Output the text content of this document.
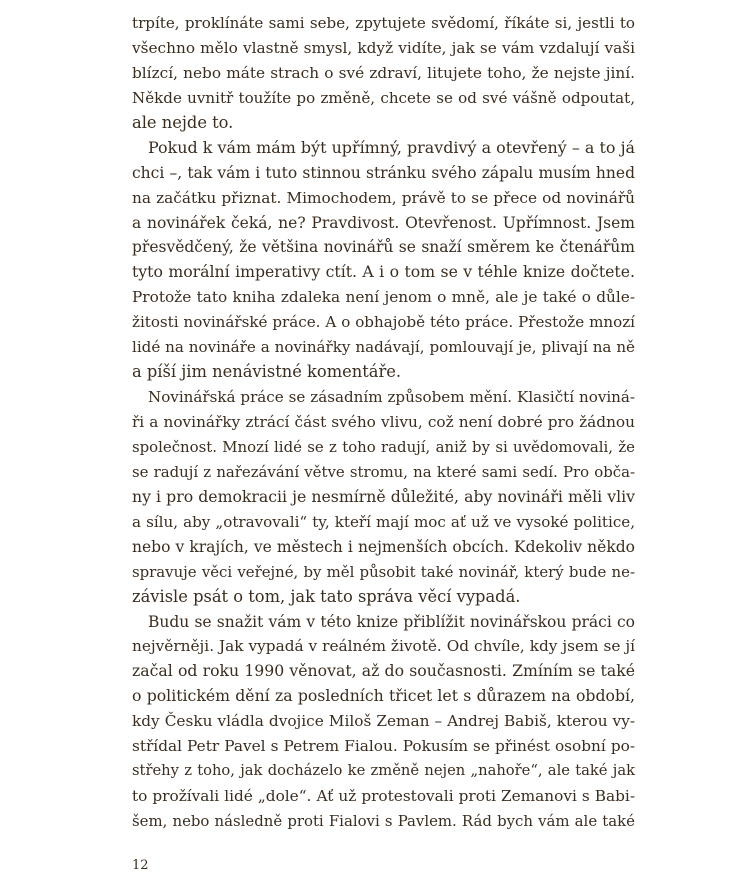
trpíte, proklínáte sami sebe, zpytujete svědomí, říkáte si, jestli to
všechno mělo vlastně smysl, když vidíte, jak se vám vzdalují vaši
blízcí, nebo máte strach o své zdraví, litujete toho, že nejste jiní.
Někde uvnitř toužíte po změně, chcete se od své vášně odpoutat,
ale nejde to.
Pokud k vám mám být upřímný, pravdivý a otevřený – a to já
chci –, tak vám i tuto stinnou stránku svého zápalu musím hned
na začátku přiznat. Mimochodem, právě to se přece od novinářů
a novinářek čeká, ne? Pravdivost. Otevřenost. Upřímnost. Jsem
přesvědčený, že většina novinářů se snaží směrem ke čtenářům
tyto morální imperativy ctít. A i o tom se v téhle knize dočtete.
Protože tato kniha zdaleka není jenom o mně, ale je také o důle-
žitosti novinářské práce. A o obhajobě této práce. Přestože mnozí
lidé na novináře a novinářky nadávají, pomlouvají je, plivají na ně
a píší jim nenávistné komentáře.
Novinářská práce se zásadním způsobem mění. Klasičtí noviná-
ři a novinářky ztrácí část svého vlivu, což není dobré pro žádnou
společnost. Mnozí lidé se z toho radují, aniž by si uvědomovali, že
se radují z nařezávání větve stromu, na které sami sedí. Pro obča-
ny i pro demokracii je nesmírně důležité, aby novináři měli vliv
a sílu, aby „otravovali“ ty, kteří mají moc ať už ve vysoké politice,
nebo v krajích, ve městech i nejmenších obcích. Kdekoliv někdo
spravuje věci veřejné, by měl působit také novinář, který bude ne-
závisle psát o tom, jak tato správa věcí vypadá.
Budu se snažit vám v této knize přiblížit novinářskou práci co
nejvěrněji. Jak vypadá v reálném životě. Od chvíle, kdy jsem se jí
začal od roku 1990 věnovat, až do současnosti. Zmíním se také
o politickém dění za posledních třicet let s důrazem na období,
kdy Česku vládla dvojice Miloš Zeman – Andrej Babiš, kterou vy-
střídal Petr Pavel s Petrem Fialou. Pokusím se přinést osobní po-
střehy z toho, jak docházelo ke změně nejen „nahoře“, ale také jak
to prožívali lidé „dole“. Ať už protestovali proti Zemanovi s Babi-
šem, nebo následně proti Fialovi s Pavlem. Rád bych vám ale také
12
